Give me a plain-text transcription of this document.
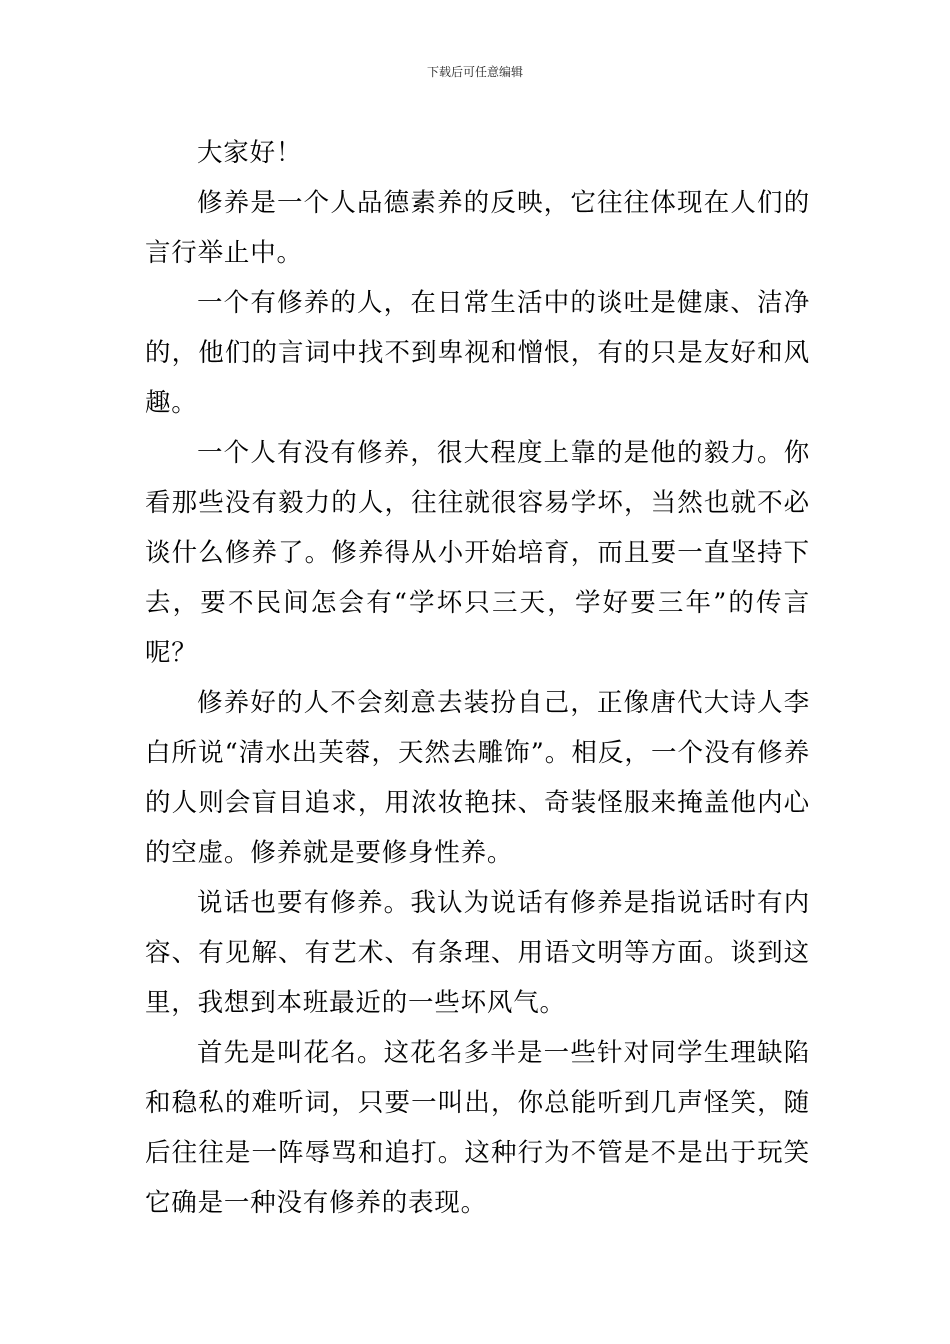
下载后可任意编辑

大家好！

修养是一个人品德素养的反映，它往往体现在人们的言行举止中。

一个有修养的人，在日常生活中的谈吐是健康、洁净的，他们的言词中找不到卑视和憎恨，有的只是友好和风趣。

一个人有没有修养，很大程度上靠的是他的毅力。你看那些没有毅力的人，往往就很容易学坏，当然也就不必谈什么修养了。修养得从小开始培育，而且要一直坚持下去，要不民间怎会有“学坏只三天，学好要三年”的传言呢？

修养好的人不会刻意去装扮自己，正像唐代大诗人李白所说“清水出芙蓉，天然去雕饰”。相反，一个没有修养的人则会盲目追求，用浓妆艳抹、奇装怪服来掩盖他内心的空虚。修养就是要修身性养。

说话也要有修养。我认为说话有修养是指说话时有内容、有见解、有艺术、有条理、用语文明等方面。谈到这里，我想到本班最近的一些坏风气。

首先是叫花名。这花名多半是一些针对同学生理缺陷和稳私的难听词，只要一叫出，你总能听到几声怪笑，随后往往是一阵辱骂和追打。这种行为不管是不是出于玩笑它确是一种没有修养的表现。
